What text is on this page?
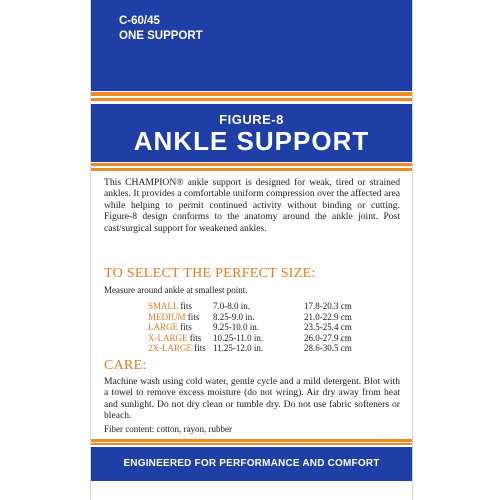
C-60/45
ONE SUPPORT
FIGURE-8
ANKLE SUPPORT
This CHAMPION® ankle support is designed for weak, tired or strained ankles. It provides a comfortable uniform compression over the affected area while helping to permit continued activity without binding or cutting. Figure-8 design conforms to the anatomy around the ankle joint. Post cast/surgical support for weakened ankles.
TO SELECT THE PERFECT SIZE:
Measure around ankle at smallest point.
SMALL fits 7.0-8.0 in.	17.8-20.3 cm
MEDIUM fits 8.25-9.0 in.	21.0-22.9 cm
LARGE fits 9.25-10.0 in.	23.5-25.4 cm
X-LARGE fits 10.25-11.0 in.	26.0-27.9 cm
2X-LARGE fits 11.25-12.0 in.	28.6-30.5 cm
CARE:
Machine wash using cold water, gentle cycle and a mild detergent. Blot with a towel to remove excess moisture (do not wring). Air dry away from heat and sunlight. Do not dry clean or tumble dry. Do not use fabric softeners or bleach.
Fiber content: cotton, rayon, rubber
ENGINEERED FOR PERFORMANCE AND COMFORT
